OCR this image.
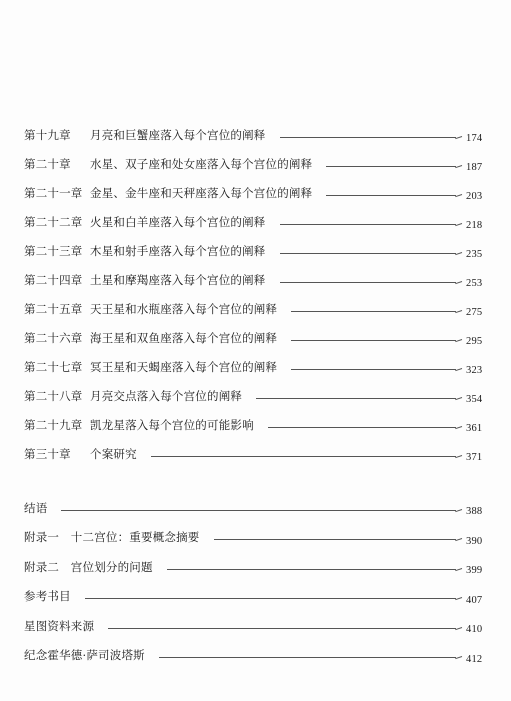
第十九章	月亮和巨蟹座落入每个宫位的阐释	174
第二十章	水星、双子座和处女座落入每个宫位的阐释	187
第二十一章 金星、金牛座和天秤座落入每个宫位的阐释	203
第二十二章 火星和白羊座落入每个宫位的阐释	218
第二十三章 木星和射手座落入每个宫位的阐释	235
第二十四章 土星和摩羯座落入每个宫位的阐释	253
第二十五章 天王星和水瓶座落入每个宫位的阐释	275
第二十六章 海王星和双鱼座落入每个宫位的阐释	295
第二十七章 冥王星和天蝎座落入每个宫位的阐释	323
第二十八章 月亮交点落入每个宫位的阐释	354
第二十九章 凯龙星落入每个宫位的可能影响	361
第三十章	个案研究	371
结语	388
附录一　十二宫位：重要概念摘要	390
附录二　宫位划分的问题	399
参考书目	407
星图资料来源	410
纪念霍华德·萨司波塔斯	412
